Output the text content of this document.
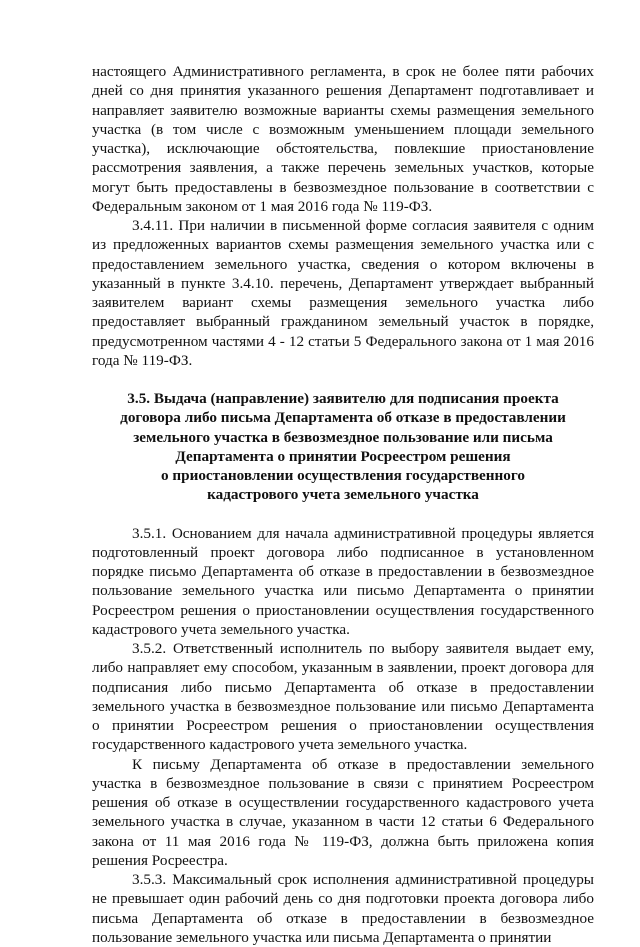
настоящего Административного регламента, в срок не более пяти рабочих дней со дня принятия указанного решения Департамент подготавливает и направляет заявителю возможные варианты схемы размещения земельного участка (в том числе с возможным уменьшением площади земельного участка), исключающие обстоятельства, повлекшие приостановление рассмотрения заявления, а также перечень земельных участков, которые могут быть предоставлены в безвозмездное пользование в соответствии с Федеральным законом от 1 мая 2016 года № 119-ФЗ.

3.4.11. При наличии в письменной форме согласия заявителя с одним из предложенных вариантов схемы размещения земельного участка или с предоставлением земельного участка, сведения о котором включены в указанный в пункте 3.4.10. перечень, Департамент утверждает выбранный заявителем вариант схемы размещения земельного участка либо предоставляет выбранный гражданином земельный участок в порядке, предусмотренном частями 4 - 12 статьи 5 Федерального закона от 1 мая 2016 года № 119-ФЗ.

3.5. Выдача (направление) заявителю для подписания проекта
договора либо письма Департамента об отказе в предоставлении
земельного участка в безвозмездное пользование или письма
Департамента о принятии Росреестром решения
о приостановлении осуществления государственного
кадастрового учета земельного участка

3.5.1. Основанием для начала административной процедуры является подготовленный проект договора либо подписанное в установленном порядке письмо Департамента об отказе в предоставлении в безвозмездное пользование земельного участка или письмо Департамента о принятии Росреестром решения о приостановлении осуществления государственного кадастрового учета земельного участка.

3.5.2. Ответственный исполнитель по выбору заявителя выдает ему, либо направляет ему способом, указанным в заявлении, проект договора для подписания либо письмо Департамента об отказе в предоставлении земельного участка в безвозмездное пользование или письмо Департамента о принятии Росреестром решения о приостановлении осуществления государственного кадастрового учета земельного участка.

К письму Департамента об отказе в предоставлении земельного участка в безвозмездное пользование в связи с принятием Росреестром решения об отказе в осуществлении государственного кадастрового учета земельного участка в случае, указанном в части 12 статьи 6 Федерального закона от 11 мая 2016 года № 119-ФЗ, должна быть приложена копия решения Росреестра.

3.5.3. Максимальный срок исполнения административной процедуры не превышает один рабочий день со дня подготовки проекта договора либо письма Департамента об отказе в предоставлении в безвозмездное пользование земельного участка или письма Департамента о принятии
